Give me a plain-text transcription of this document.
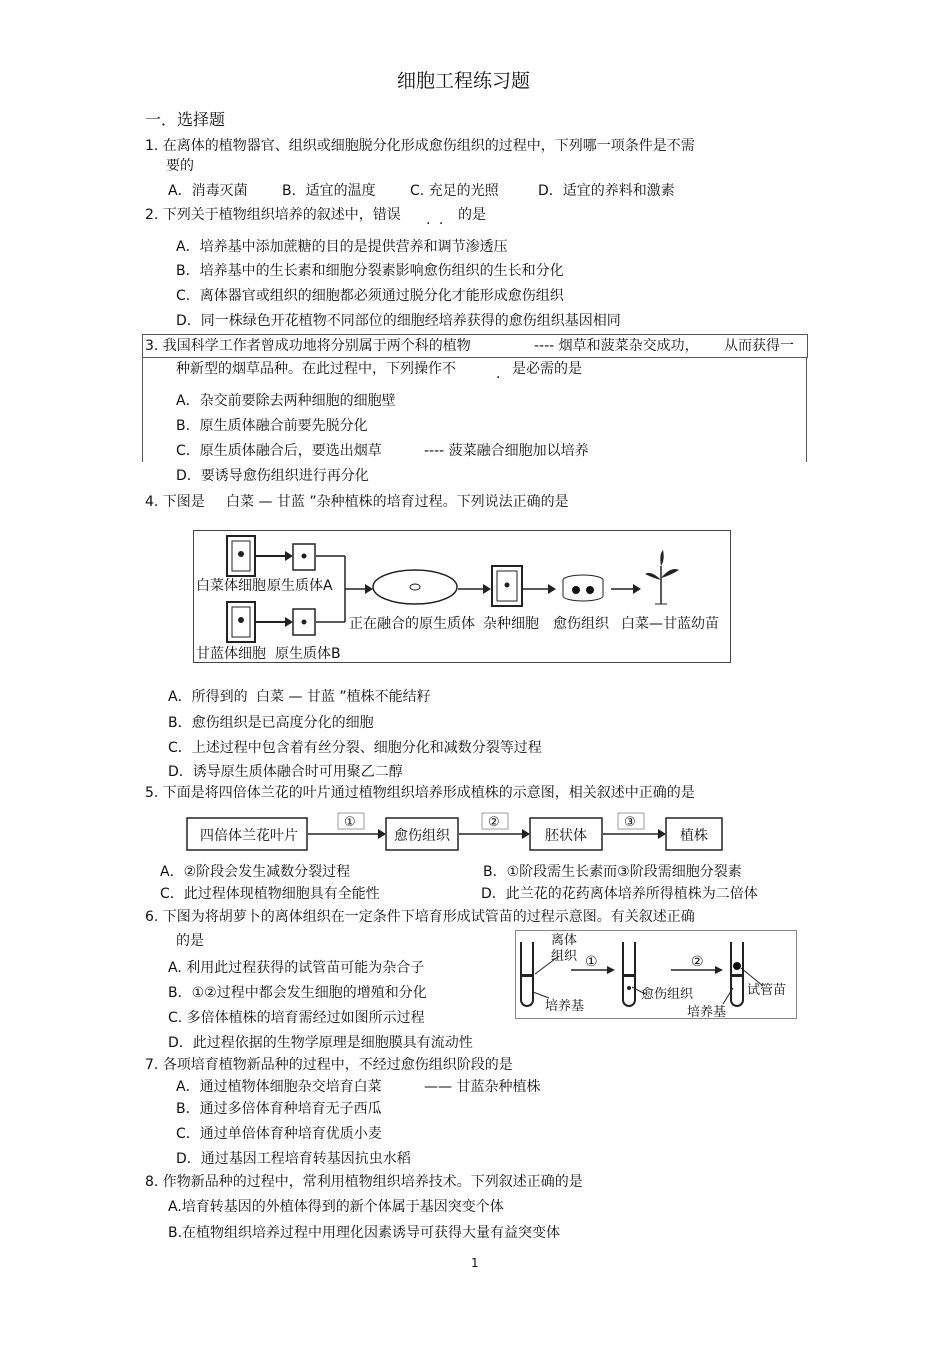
细胞工程练习题
一．选择题
1. 在离体的植物器官、组织或细胞脱分化形成愈伤组织的过程中，下列哪一项条件是不需
要的
A．消毒灭菌 B．适宜的温度 C. 充足的光照	D．适宜的养料和激素
2. 下列关于植物组织培养的叙述中，错误 . . 的是
A．培养基中添加蔗糖的目的是提供营养和调节渗透压
B．培养基中的生长素和细胞分裂素影响愈伤组织的生长和分化
C．离体器官或组织的细胞都必须通过脱分化才能形成愈伤组织
D．同一株绿色开花植物不同部位的细胞经培养获得的愈伤组织基因相同
3. 我国科学工作者曾成功地将分别属于两个科的植物	---- 烟草和菠菜杂交成功， 从而获得一
种新型的烟草品种。在此过程中，下列操作不	. 是必需的是
A．杂交前要除去两种细胞的细胞壁
B．原生质体融合前要先脱分化
C．原生质体融合后，要选出烟草	---- 菠菜融合细胞加以培养
D．要诱导愈伤组织进行再分化
4. 下图是 白菜 — 甘蓝 ”杂种植株的培育过程。下列说法正确的是
白菜体细胞 原生质体A
甘蓝体细胞 原生质体B
正在融合的原生质体 杂种细胞 愈伤组织 白菜—甘蓝幼苗
A．所得到的 白菜 — 甘蓝 ”植株不能结籽
B．愈伤组织是已高度分化的细胞
C．上述过程中包含着有丝分裂、细胞分化和减数分裂等过程
D．诱导原生质体融合时可用聚乙二醇
5. 下面是将四倍体兰花的叶片通过植物组织培养形成植株的示意图，相关叙述中正确的是
四倍体兰花叶片	愈伤组织	胚状体	植株
①	②	③
A．②阶段会发生减数分裂过程	B．①阶段需生长素而③阶段需细胞分裂素
C．此过程体现植物细胞具有全能性	D．此兰花的花药离体培养所得植株为二倍体
6. 下图为将胡萝卜的离体组织在一定条件下培育形成试管苗的过程示意图。有关叙述正确
的是
A. 利用此过程获得的试管苗可能为杂合子
B．①②过程中都会发生细胞的增殖和分化
C. 多倍体植株的培育需经过如图所示过程
D．此过程依据的生物学原理是细胞膜具有流动性
离体
组织 ①	②
培养基
愈伤组织
培养基
试管苗
7. 各项培育植物新品种的过程中，不经过愈伤组织阶段的是
A．通过植物体细胞杂交培育白菜	—— 甘蓝杂种植株
B．通过多倍体育种培育无子西瓜
C．通过单倍体育种培育优质小麦
D．通过基因工程培育转基因抗虫水稻
8. 作物新品种的过程中，常利用植物组织培养技术。下列叙述正确的是
A.培育转基因的外植体得到的新个体属于基因突变个体
B.在植物组织培养过程中用理化因素诱导可获得大量有益突变体
1
